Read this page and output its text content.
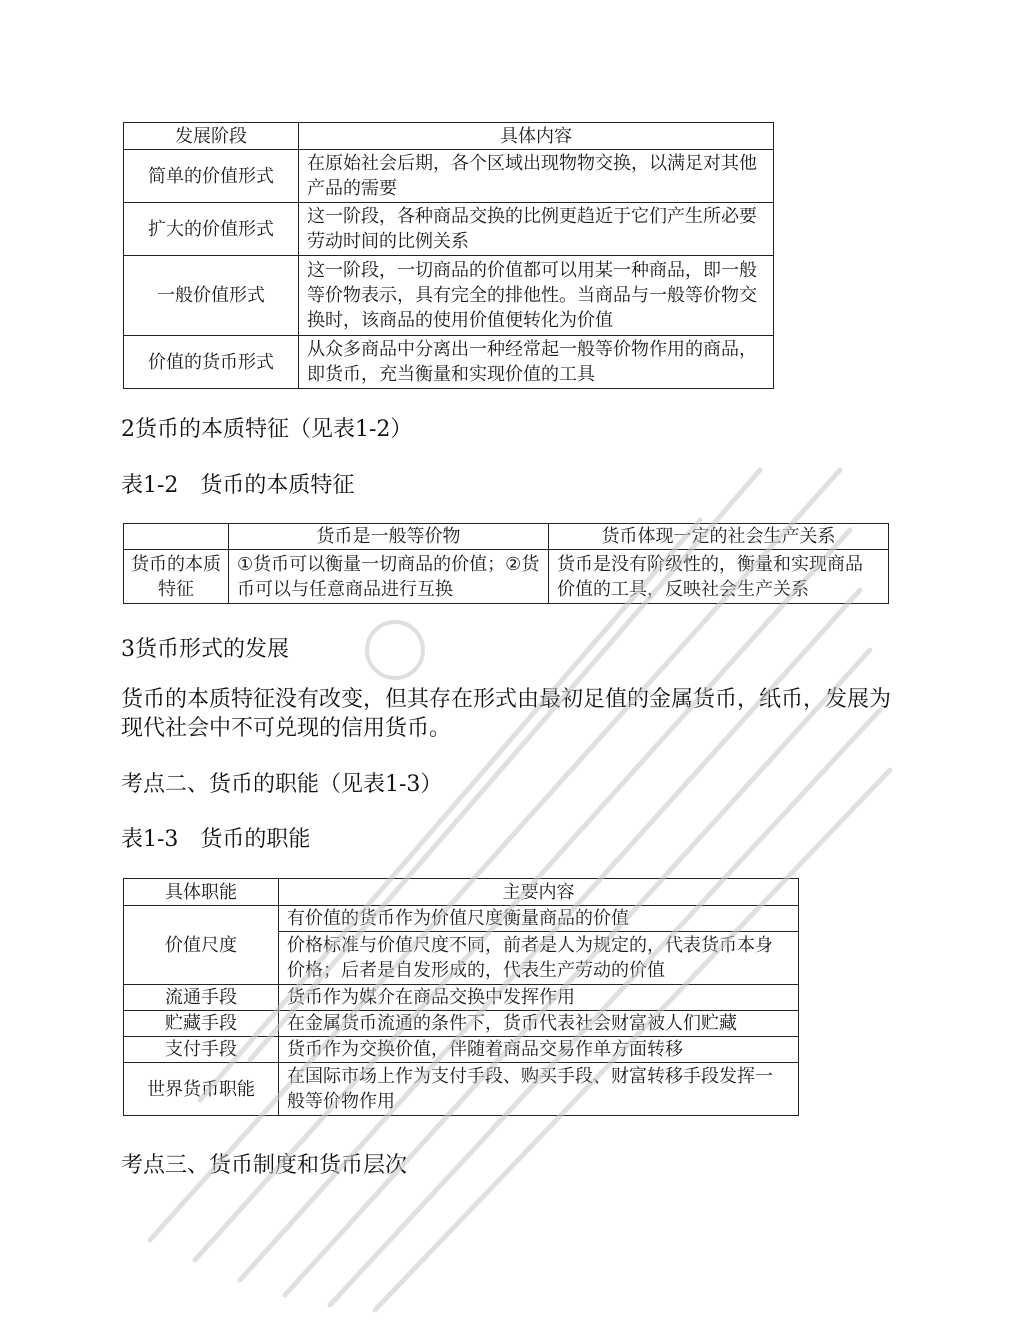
发展阶段	具体内容
简单的价值形式	在原始社会后期，各个区域出现物物交换，以满足对其他产品的需要
扩大的价值形式	这一阶段，各种商品交换的比例更趋近于它们产生所必要劳动时间的比例关系
一般价值形式	这一阶段，一切商品的价值都可以用某一种商品，即一般等价物表示，具有完全的排他性。当商品与一般等价物交换时，该商品的使用价值便转化为价值
价值的货币形式	从众多商品中分离出一种经常起一般等价物作用的商品，即货币，充当衡量和实现价值的工具
2货币的本质特征（见表1-2）
表1-2　货币的本质特征
	货币是一般等价物	货币体现一定的社会生产关系
货币的本质特征	①货币可以衡量一切商品的价值；②货币可以与任意商品进行互换	货币是没有阶级性的，衡量和实现商品价值的工具，反映社会生产关系
3货币形式的发展
货币的本质特征没有改变，但其存在形式由最初足值的金属货币，纸币，发展为现代社会中不可兑现的信用货币。
考点二、货币的职能（见表1-3）
表1-3　货币的职能
具体职能	主要内容
价值尺度	有价值的货币作为价值尺度衡量商品的价值
	价格标准与价值尺度不同，前者是人为规定的，代表货币本身价格；后者是自发形成的，代表生产劳动的价值
流通手段	货币作为媒介在商品交换中发挥作用
贮藏手段	在金属货币流通的条件下，货币代表社会财富被人们贮藏
支付手段	货币作为交换价值，伴随着商品交易作单方面转移
世界货币职能	在国际市场上作为支付手段、购买手段、财富转移手段发挥一般等价物作用
考点三、货币制度和货币层次
